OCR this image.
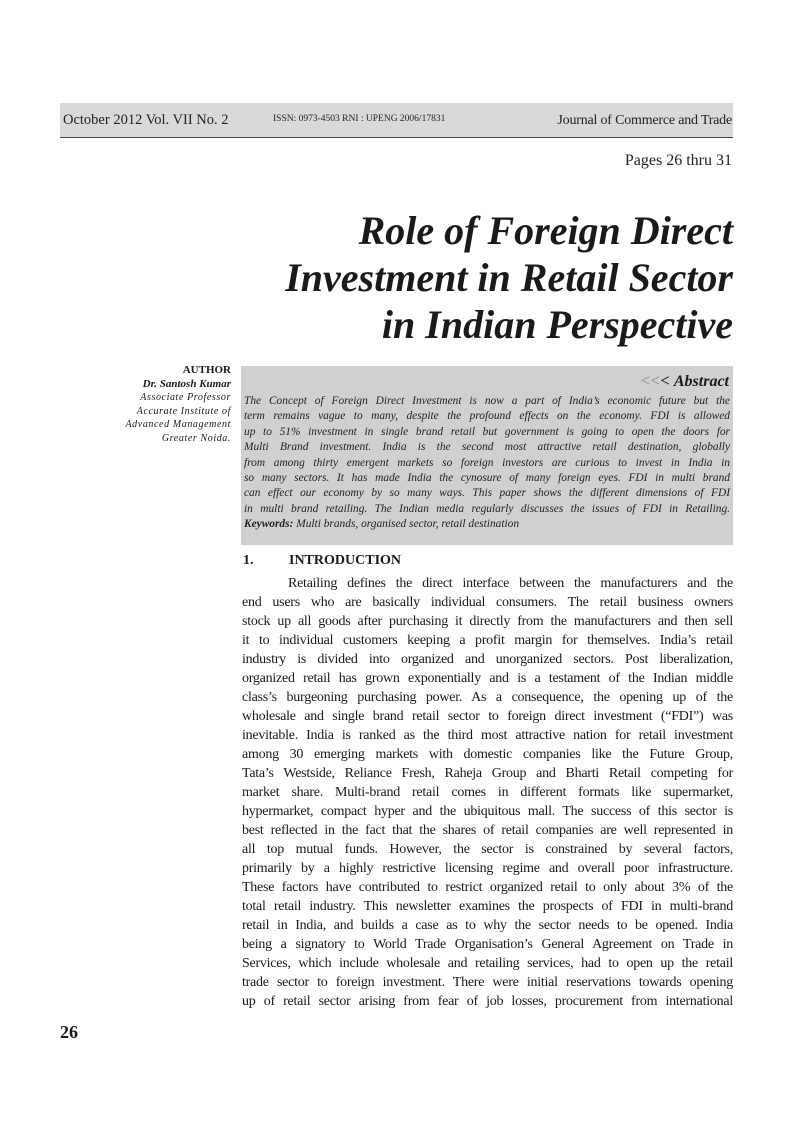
October 2012 Vol. VII No. 2	ISSN: 0973-4503 RNI : UPENG 2006/17831	Journal of Commerce and Trade
Pages 26 thru 31
Role of Foreign Direct
Investment in Retail Sector
in Indian Perspective
AUTHOR
Dr. Santosh Kumar
Associate Professor
Accurate Institute of
Advanced Management
Greater Noida.
<<< Abstract
The Concept of Foreign Direct Investment is now a part of India’s economic future but the
term remains vague to many, despite the profound effects on the economy. FDI is allowed
up to 51% investment in single brand retail but government is going to open the doors for
Multi Brand investment. India is the second most attractive retail destination, globally
from among thirty emergent markets so foreign investors are curious to invest in India in
so many sectors. It has made India the cynosure of many foreign eyes. FDI in multi brand
can effect our economy by so many ways. This paper shows the different dimensions of FDI
in multi brand retailing. The Indian media regularly discusses the issues of FDI in Retailing.
Keywords: Multi brands, organised sector, retail destination
1.	INTRODUCTION
Retailing defines the direct interface between the manufacturers and the
end users who are basically individual consumers. The retail business owners
stock up all goods after purchasing it directly from the manufacturers and then sell
it to individual customers keeping a profit margin for themselves. India’s retail
industry is divided into organized and unorganized sectors. Post liberalization,
organized retail has grown exponentially and is a testament of the Indian middle
class’s burgeoning purchasing power. As a consequence, the opening up of the
wholesale and single brand retail sector to foreign direct investment (“FDI”) was
inevitable. India is ranked as the third most attractive nation for retail investment
among 30 emerging markets with domestic companies like the Future Group,
Tata’s Westside, Reliance Fresh, Raheja Group and Bharti Retail competing for
market share. Multi-brand retail comes in different formats like supermarket,
hypermarket, compact hyper and the ubiquitous mall. The success of this sector is
best reflected in the fact that the shares of retail companies are well represented in
all top mutual funds. However, the sector is constrained by several factors,
primarily by a highly restrictive licensing regime and overall poor infrastructure.
These factors have contributed to restrict organized retail to only about 3% of the
total retail industry. This newsletter examines the prospects of FDI in multi-brand
retail in India, and builds a case as to why the sector needs to be opened. India
being a signatory to World Trade Organisation’s General Agreement on Trade in
Services, which include wholesale and retailing services, had to open up the retail
trade sector to foreign investment. There were initial reservations towards opening
up of retail sector arising from fear of job losses, procurement from international
26
